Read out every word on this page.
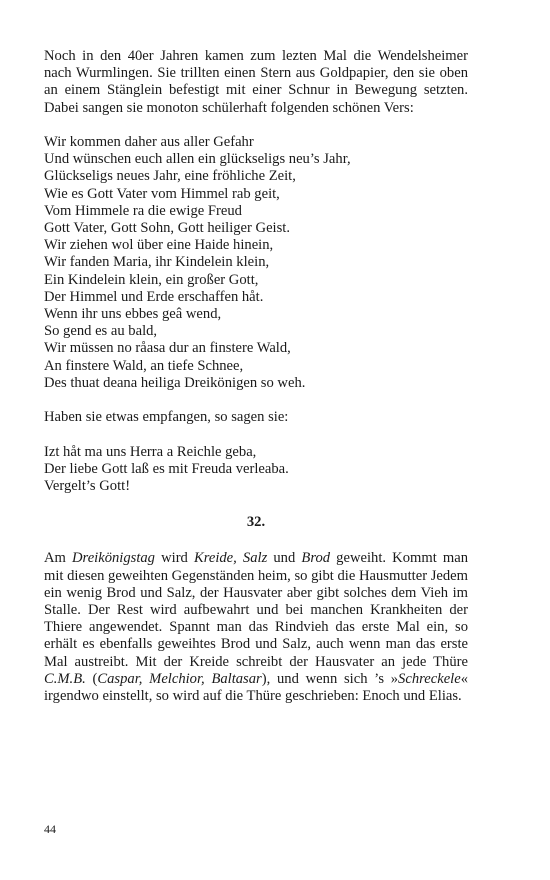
Noch in den 40er Jahren kamen zum lezten Mal die Wendelsheimer nach Wurmlingen. Sie trillten einen Stern aus Goldpapier, den sie oben an einem Stänglein befestigt mit einer Schnur in Bewegung setzten. Dabei sangen sie monoton schülerhaft folgenden schönen Vers:

Wir kommen daher aus aller Gefahr
Und wünschen euch allen ein glückseligs neu’s Jahr,
Glückseligs neues Jahr, eine fröhliche Zeit,
Wie es Gott Vater vom Himmel rab geit,
Vom Himmele ra die ewige Freud
Gott Vater, Gott Sohn, Gott heiliger Geist.
Wir ziehen wol über eine Haide hinein,
Wir fanden Maria, ihr Kindelein klein,
Ein Kindelein klein, ein großer Gott,
Der Himmel und Erde erschaffen håt.
Wenn ihr uns ebbes geâ wend,
So gend es au bald,
Wir müssen no råasa dur an finstere Wald,
An finstere Wald, an tiefe Schnee,
Des thuat deana heiliga Dreikönigen so weh.

Haben sie etwas empfangen, so sagen sie:

Izt håt ma uns Herra a Reichle geba,
Der liebe Gott laß es mit Freuda verleaba.
Vergelt’s Gott!

32.

Am Dreikönigstag wird Kreide, Salz und Brod geweiht. Kommt man mit diesen geweihten Gegenständen heim, so gibt die Hausmutter Jedem ein wenig Brod und Salz, der Hausvater aber gibt solches dem Vieh im Stalle. Der Rest wird aufbewahrt und bei manchen Krankheiten der Thiere angewendet. Spannt man das Rindvieh das erste Mal ein, so erhält es ebenfalls geweihtes Brod und Salz, auch wenn man das erste Mal austreibt. Mit der Kreide schreibt der Hausvater an jede Thüre C.M.B. (Caspar, Melchior, Baltasar), und wenn sich ’s »Schreckele« irgendwo einstellt, so wird auf die Thüre geschrieben: Enoch und Elias.

44
